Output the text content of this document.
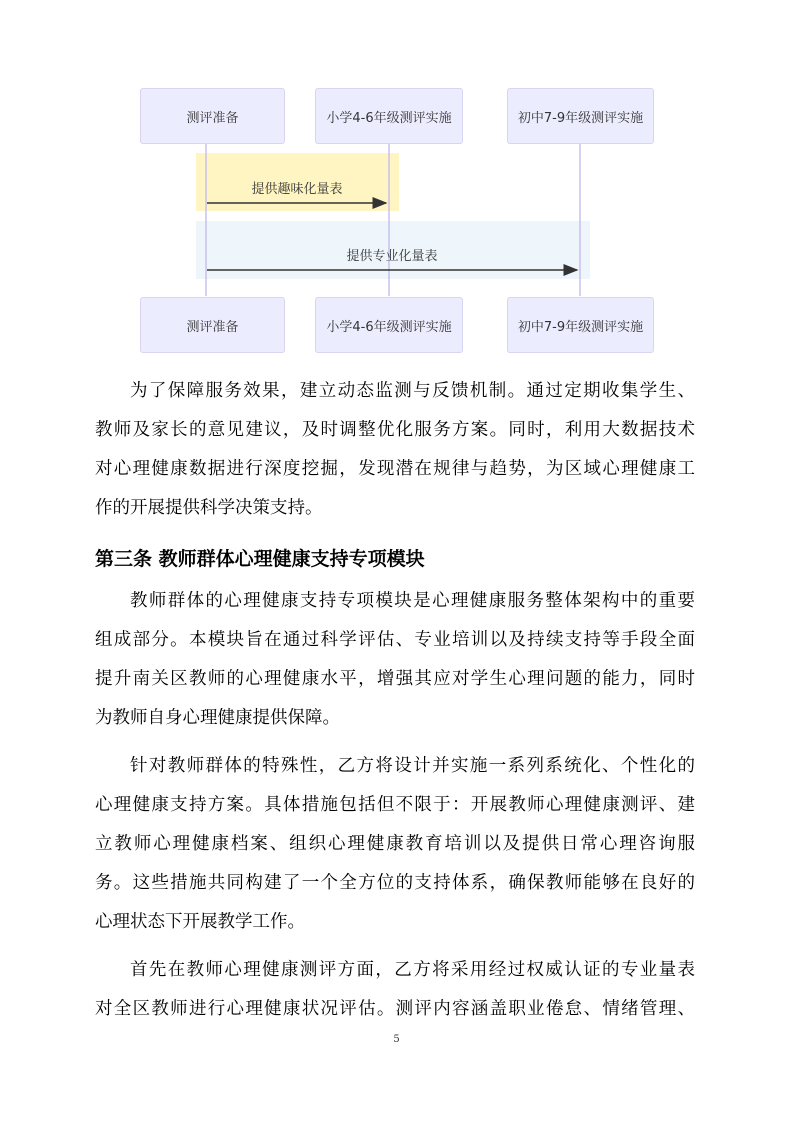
测评准备	小学4-6年级测评实施	初中7-9年级测评实施
提供趣味化量表
提供专业化量表
测评准备	小学4-6年级测评实施	初中7-9年级测评实施
为了保障服务效果，建立动态监测与反馈机制。通过定期收集学生、
教师及家长的意见建议，及时调整优化服务方案。同时，利用大数据技术
对心理健康数据进行深度挖掘，发现潜在规律与趋势，为区域心理健康工
作的开展提供科学决策支持。
第三条 教师群体心理健康支持专项模块
教师群体的心理健康支持专项模块是心理健康服务整体架构中的重要
组成部分。本模块旨在通过科学评估、专业培训以及持续支持等手段全面
提升南关区教师的心理健康水平，增强其应对学生心理问题的能力，同时
为教师自身心理健康提供保障。
针对教师群体的特殊性，乙方将设计并实施一系列系统化、个性化的
心理健康支持方案。具体措施包括但不限于：开展教师心理健康测评、建
立教师心理健康档案、组织心理健康教育培训以及提供日常心理咨询服
务。这些措施共同构建了一个全方位的支持体系，确保教师能够在良好的
心理状态下开展教学工作。
首先在教师心理健康测评方面，乙方将采用经过权威认证的专业量表
对全区教师进行心理健康状况评估。测评内容涵盖职业倦怠、情绪管理、
5
